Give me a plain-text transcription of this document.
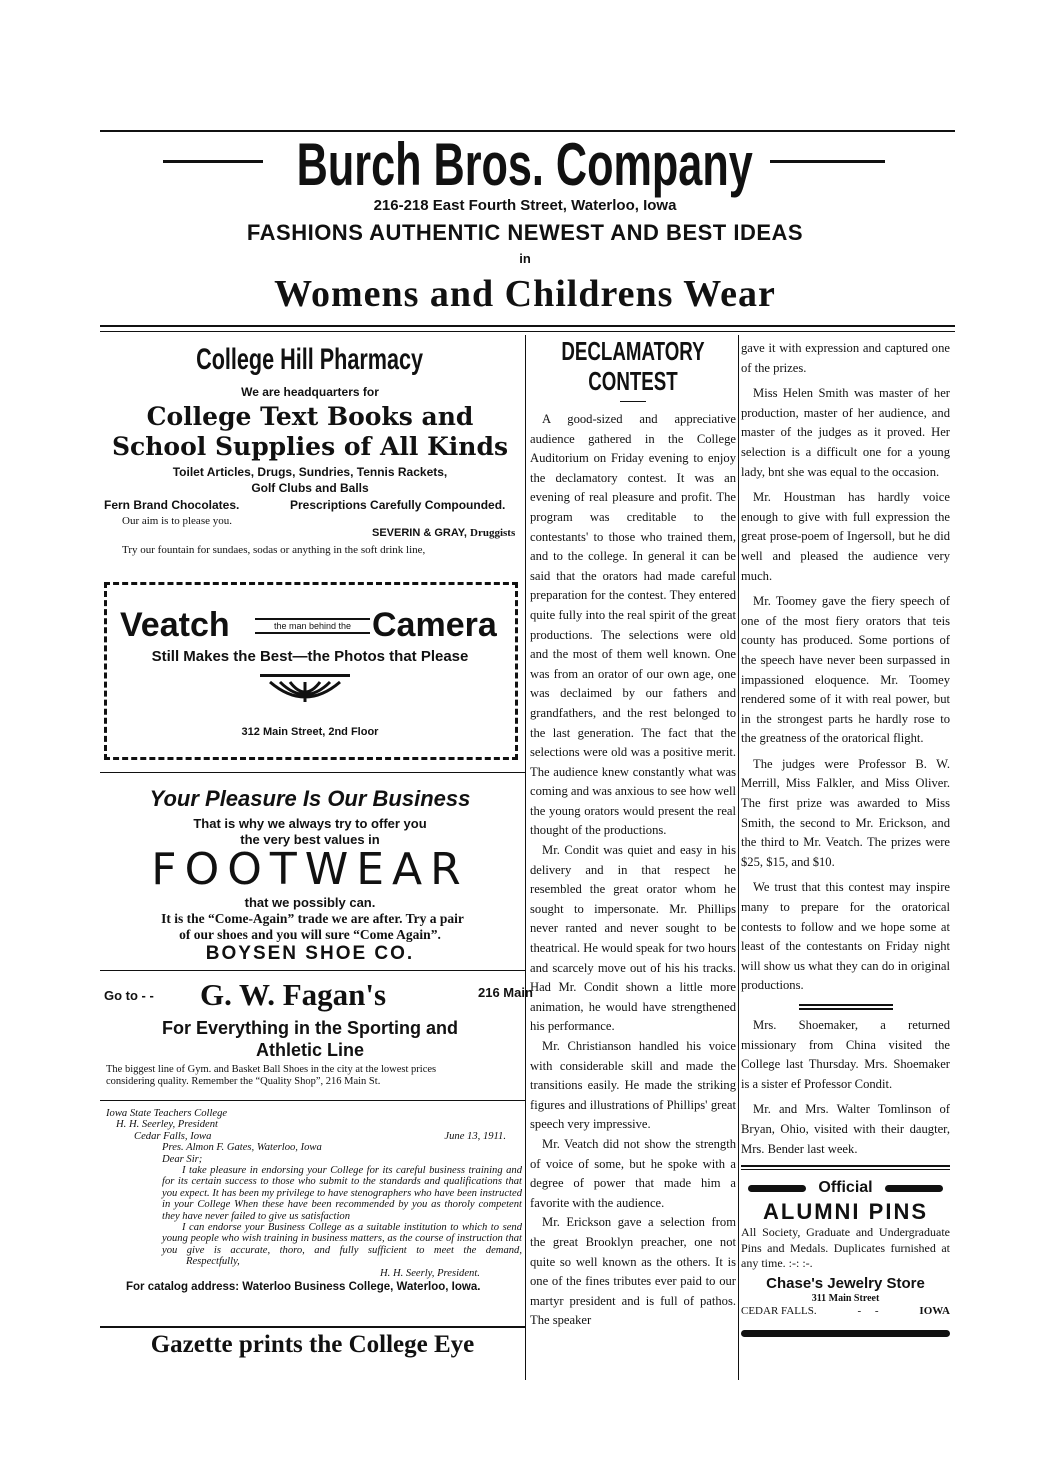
Burch Bros. Company
216-218 East Fourth Street, Waterloo, Iowa
FASHIONS AUTHENTIC NEWEST AND BEST IDEAS
in
Womens and Childrens Wear
College Hill Pharmacy
We are headquarters for
College Text Books and
School Supplies of All Kinds
Toilet Articles, Drugs, Sundries, Tennis Rackets,
Golf Clubs and Balls
Fern Brand Chocolates.	Prescriptions Carefully Compounded.
Our aim is to please you.
SEVERIN & GRAY, Druggists
Try our fountain for sundaes, sodas or anything in the soft drink line,
Veatch	the man behind the Camera
Still Makes the Best—the Photos that Please
312 Main Street, 2nd Floor
Your Pleasure Is Our Business
That is why we always try to offer you
the very best values in
FOOTWEAR
that we possibly can.
It is the “Come-Again” trade we are after. Try a pair
of our shoes and you will sure “Come Again”.
BOYSEN SHOE CO.
Go to - - G. W. Fagan's	216 Main
For Everything in the Sporting and
Athletic Line
The biggest line of Gym. and Basket Ball Shoes in the city at the lowest prices
considering quality. Remember the “Quality Shop”, 216 Main St.
Iowa State Teachers College
H. H. Seerley, President
Cedar Falls, Iowa	June 13, 1911.
Pres. Almon F. Gates, Waterloo, Iowa
Dear Sir;
I take pleasure in endorsing your College for its careful business training and for its certain success to those who submit to the standards and qualifications that you expect. It has been my privilege to have stenographers who have been instructed in your College When these have been recommended by you as thoroly competent they have never failed to give us satisfaction
I can endorse your Business College as a suitable institution to which to send young people who wish training in business matters, as the course of instruction that you give is accurate, thoro, and fully sufficient to meet the demand, Respectfully,
H. H. Seerly, President.
For catalog address: Waterloo Business College, Waterloo, Iowa.
Gazette prints the College Eye
DECLAMATORY CONTEST

A good-sized and appreciative audience gathered in the College Auditorium on Friday evening to enjoy the declamatory contest. It was an evening of real pleasure and profit. The program was creditable to the contestants' to those who trained them, and to the college. In general it can be said that the orators had made careful preparation for the contest. They entered quite fully into the real spirit of the great productions. The selections were old and the most of them well known. One was from an orator of our own age, one was declaimed by our fathers and grandfathers, and the rest belonged to the last generation. The fact that the selections were old was a positive merit. The audience knew constantly what was coming and was anxious to see how well the young orators would present the real thought of the productions.

Mr. Condit was quiet and easy in his delivery and in that respect he resembled the great orator whom he sought to impersonate. Mr. Phillips never ranted and never sought to be theatrical. He would speak for two hours and scarcely move out of his his tracks. Had Mr. Condit shown a little more animation, he would have strengthened his performance.

Mr. Christianson handled his voice with considerable skill and made the transitions easily. He made the striking figures and illustrations of Phillips' great speech very impressive.

Mr. Veatch did not show the strength of voice of some, but he spoke with a degree of power that made him a favorite with the audience.

Mr. Erickson gave a selection from the great Brooklyn preacher, one not quite so well known as the others. It is one of the fines tributes ever paid to our martyr president and is full of pathos. The speaker

gave it with expression and captured one of the prizes.

Miss Helen Smith was master of her production, master of her audience, and master of the judges as it proved. Her selection is a difficult one for a young lady, bnt she was equal to the occasion.

Mr. Houstman has hardly voice enough to give with full expression the great prose-poem of Ingersoll, but he did well and pleased the audience very much.

Mr. Toomey gave the fiery speech of one of the most fiery orators that teis county has produced. Some portions of the speech have never been surpassed in impassioned eloquence. Mr. Toomey rendered some of it with real power, but in the strongest parts he hardly rose to the greatness of the oratorical flight.

The judges were Professor B. W. Merrill, Miss Falkler, and Miss Oliver. The first prize was awarded to Miss Smith, the second to Mr. Erickson, and the third to Mr. Veatch. The prizes were $25, $15, and $10.

We trust that this contest may inspire many to prepare for the oratorical contests to follow and we hope some at least of the contestants on Friday night will show us what they can do in original productions.

Mrs. Shoemaker, a returned missionary from China visited the College last Thursday. Mrs. Shoemaker is a sister ef Professor Condit.

Mr. and Mrs. Walter Tomlinson of Bryan, Ohio, visited with their daugter, Mrs. Bender last week.

Official
ALUMNI PINS
All Society, Graduate and Undergraduate Pins and Medals. Duplicates furnished at any time. :-: :-.
Chase's Jewelry Store
311 Main Street
CEDAR FALLS.	-     -	IOWA
